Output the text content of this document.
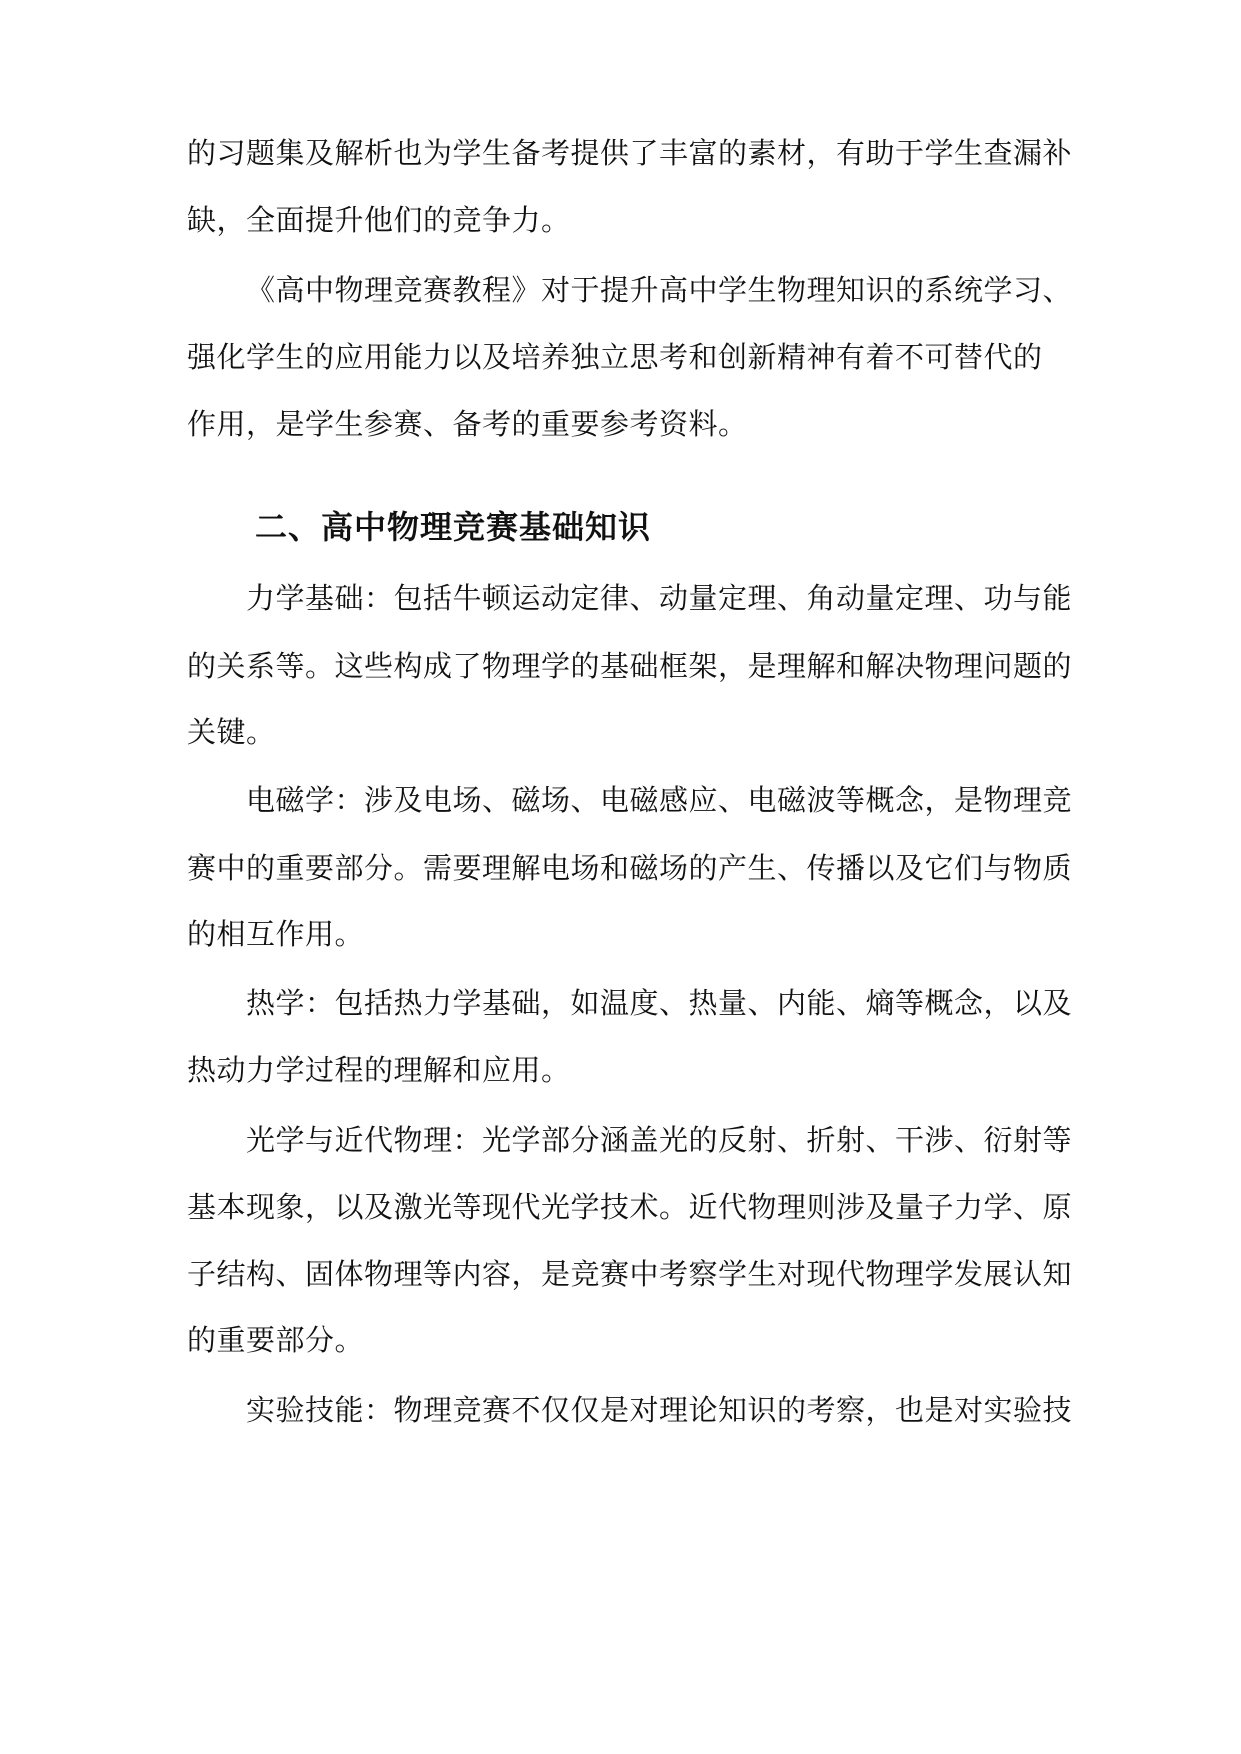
的习题集及解析也为学生备考提供了丰富的素材，有助于学生查漏补
缺，全面提升他们的竞争力。
《高中物理竞赛教程》对于提升高中学生物理知识的系统学习、
强化学生的应用能力以及培养独立思考和创新精神有着不可替代的
作用，是学生参赛、备考的重要参考资料。
二、高中物理竞赛基础知识
力学基础：包括牛顿运动定律、动量定理、角动量定理、功与能
的关系等。这些构成了物理学的基础框架，是理解和解决物理问题的
关键。
电磁学：涉及电场、磁场、电磁感应、电磁波等概念，是物理竞
赛中的重要部分。需要理解电场和磁场的产生、传播以及它们与物质
的相互作用。
热学：包括热力学基础，如温度、热量、内能、熵等概念，以及
热动力学过程的理解和应用。
光学与近代物理：光学部分涵盖光的反射、折射、干涉、衍射等
基本现象，以及激光等现代光学技术。近代物理则涉及量子力学、原
子结构、固体物理等内容，是竞赛中考察学生对现代物理学发展认知
的重要部分。
实验技能：物理竞赛不仅仅是对理论知识的考察，也是对实验技
